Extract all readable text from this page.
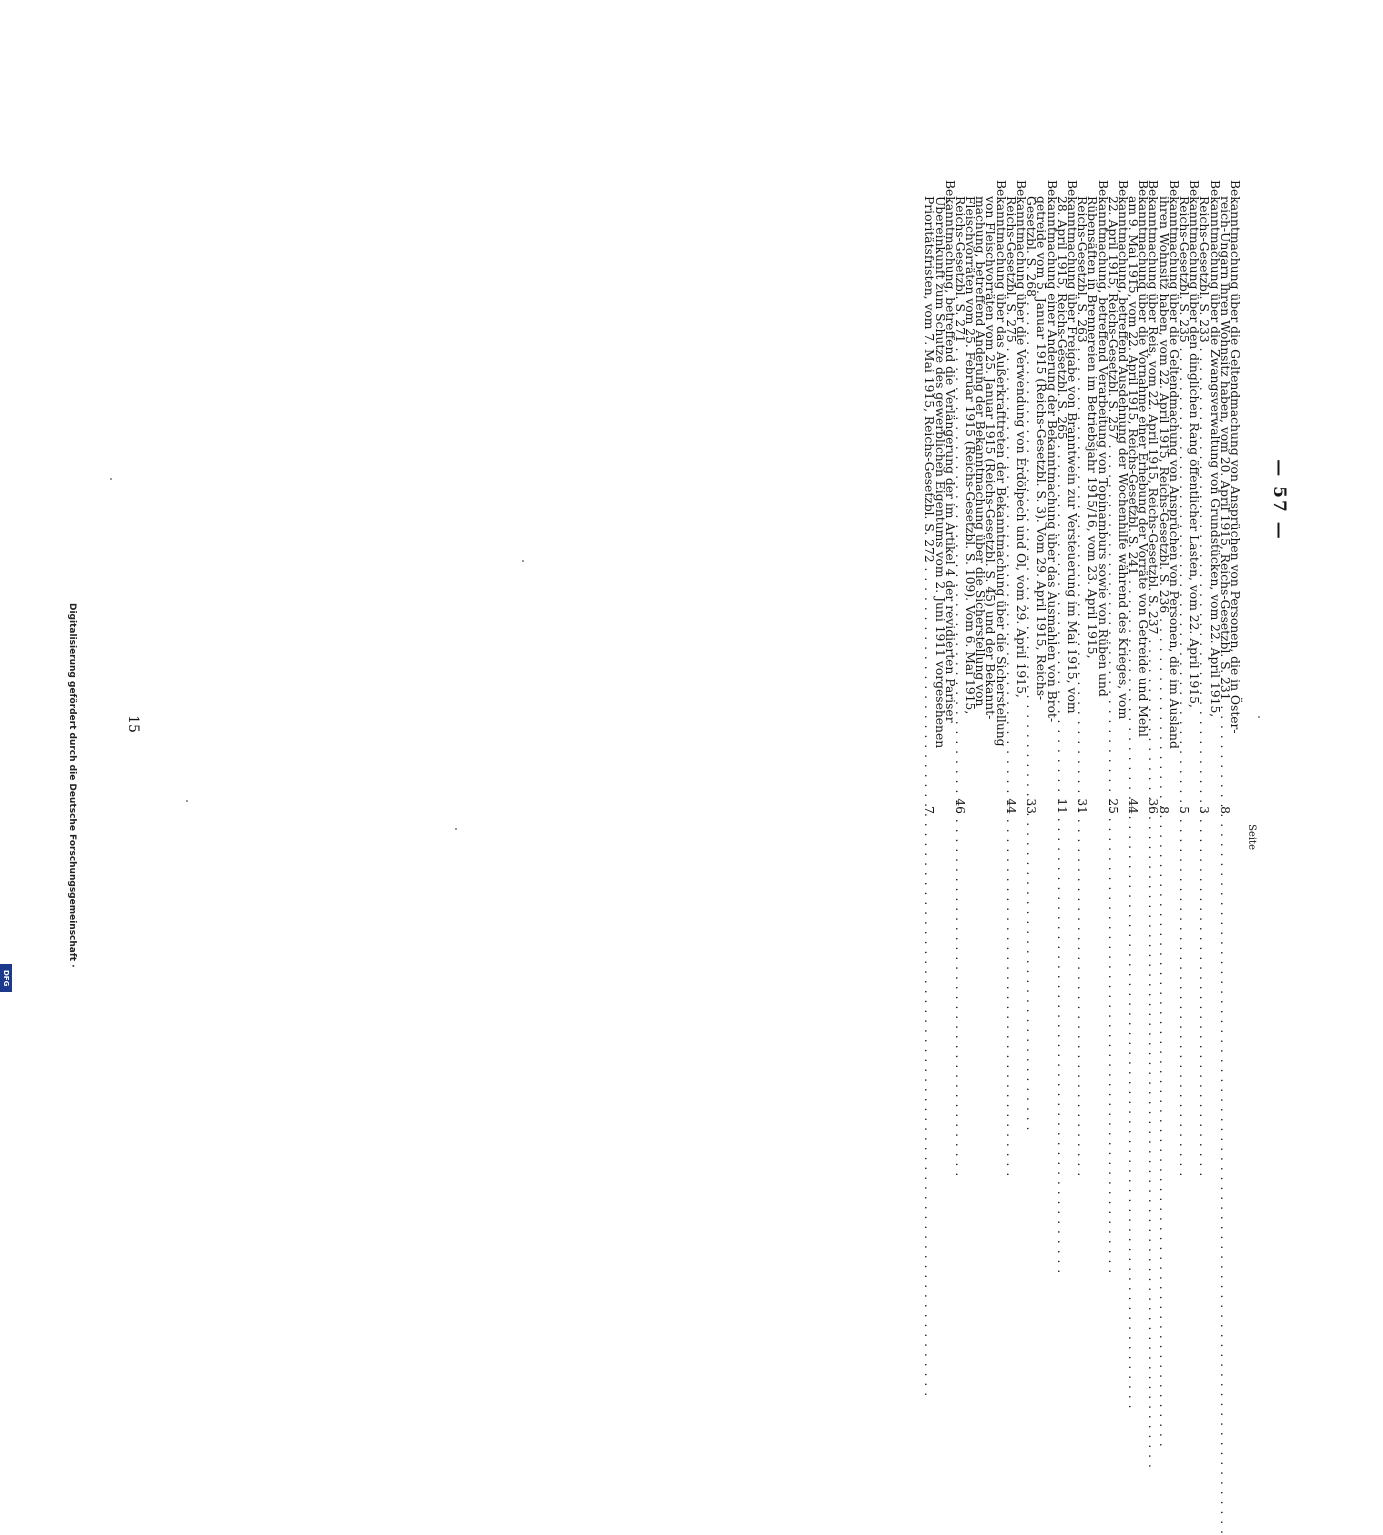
— 57 —
Seite
Bekanntmachung über die Geltendmachung von Ansprüchen von Personen, die in Öster-
reich-Ungarn ihren Wohnsitz haben, vom 20. April 1915, Reichs-Gesetzbl. S. 231 . . .
8
Bekanntmachung über die Zwangsverwaltung von Grundstücken, vom 22. April 1915,
Reichs-Gesetzbl. S. 233 . . .
3
Bekanntmachung über den dinglichen Rang öffentlicher Lasten, vom 22. April 1915,
Reichs-Gesetzbl. S. 235 . . .
5
Bekanntmachung über die Geltendmachung von Ansprüchen von Personen, die im Ausland
ihren Wohnsitz haben, vom 22. April 1915, Reichs-Gesetzbl. S. 236 . . .
8
Bekanntmachung über Reis, vom 22. April 1915, Reichs-Gesetzbl. S. 237 . . .
36
Bekanntmachung über die Vornahme einer Erhebung der Vorräte von Getreide und Mehl
am 9. Mai 1915, vom 22. April 1915, Reichs-Gesetzbl. S. 241 . . .
44
Bekanntmachung, betreffend Ausdehnung der Wochenhilfe während des Krieges, vom
22. April 1915, Reichs-Gesetzbl. S. 257 . . .
25
Bekanntmachung, betreffend Verarbeitung von Topinamburs sowie von Rüben und
Rübensäften in Brennereien im Betriebsjahr 1915/16, vom 23. April 1915,
Reichs-Gesetzbl. S. 263 . . .
31
Bekanntmachung über Freigabe von Branntwein zur Versteuerung im Mai 1915, vom
28. April 1915, Reichs-Gesetzbl. S. 265 . . .
11
Bekanntmachung einer Änderung der Bekanntmachung über das Ausmahlen von Brot-
getreide vom 5. Januar 1915 (Reichs-Gesetzbl. S. 3). Vom 29. April 1915, Reichs-
Gesetzbl. S. 268 . . .
33
Bekanntmachung über die Verwendung von Erdölpech und Öl, vom 29. April 1915,
Reichs-Gesetzbl. S. 275 . . .
44
Bekanntmachung über das Außerkrafttreten der Bekanntmachung über die Sicherstellung
von Fleischvorräten vom 25. Januar 1915 (Reichs-Gesetzbl. S. 45) und der Bekannt-
machung, betreffend Änderung der Bekanntmachung über die Sicherstellung von
Fleischvorräten vom 25. Februar 1915 (Reichs-Gesetzbl. S. 109). Vom 6. Mai 1915,
Reichs-Gesetzbl. S. 271 . . .
46
Bekanntmachung, betreffend die Verlängerung der im Artikel 4 der revidierten Pariser
Übereinkunft zum Schutze des gewerblichen Eigentums vom 2. Juni 1911 vorgesehenen
Prioritätsfristen, vom 7. Mai 1915, Reichs-Gesetzbl. S. 272 . . .
7
15
Digitalisierung gefördert durch die Deutsche Forschungsgemeinschaft ·
DFG
